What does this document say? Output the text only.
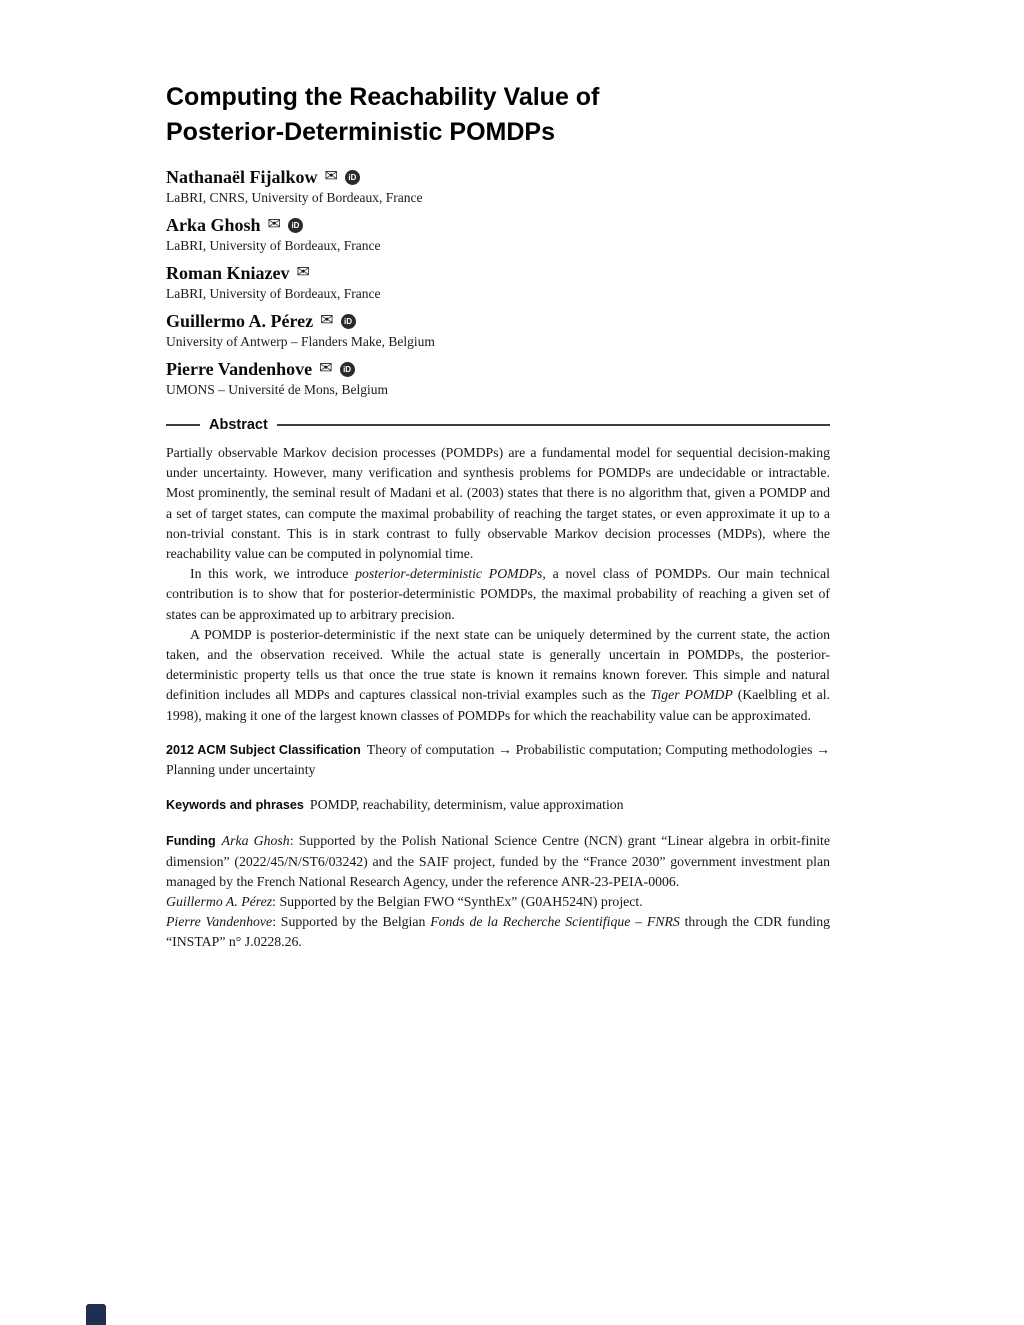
Computing the Reachability Value of
Posterior-Deterministic POMDPs
Nathanaël Fijalkow ✉	iD
LaBRI, CNRS, University of Bordeaux, France
Arka Ghosh ✉	iD
LaBRI, University of Bordeaux, France
Roman Kniazev ✉
LaBRI, University of Bordeaux, France
Guillermo A. Pérez ✉	iD
University of Antwerp – Flanders Make, Belgium
Pierre Vandenhove ✉	iD
UMONS – Université de Mons, Belgium
Abstract

Partially observable Markov decision processes (POMDPs) are a fundamental model for sequential decision-making under uncertainty. However, many verification and synthesis problems for POMDPs are undecidable or intractable. Most prominently, the seminal result of Madani et al. (2003) states that there is no algorithm that, given a POMDP and a set of target states, can compute the maximal probability of reaching the target states, or even approximate it up to a non-trivial constant. This is in stark contrast to fully observable Markov decision processes (MDPs), where the reachability value can be computed in polynomial time.

In this work, we introduce posterior-deterministic POMDPs, a novel class of POMDPs. Our main technical contribution is to show that for posterior-deterministic POMDPs, the maximal probability of reaching a given set of states can be approximated up to arbitrary precision.

A POMDP is posterior-deterministic if the next state can be uniquely determined by the current state, the action taken, and the observation received. While the actual state is generally uncertain in POMDPs, the posterior-deterministic property tells us that once the true state is known it remains known forever. This simple and natural definition includes all MDPs and captures classical non-trivial examples such as the Tiger POMDP (Kaelbling et al. 1998), making it one of the largest known classes of POMDPs for which the reachability value can be approximated.

2012 ACM Subject Classification Theory of computation → Probabilistic computation; Computing methodologies → Planning under uncertainty

Keywords and phrases POMDP, reachability, determinism, value approximation

Funding Arka Ghosh: Supported by the Polish National Science Centre (NCN) grant “Linear algebra in orbit-finite dimension” (2022/45/N/ST6/03242) and the SAIF project, funded by the “France 2030” government investment plan managed by the French National Research Agency, under the reference ANR-23-PEIA-0006.

Guillermo A. Pérez: Supported by the Belgian FWO “SynthEx” (G0AH524N) project.

Pierre Vandenhove: Supported by the Belgian Fonds de la Recherche Scientifique – FNRS through the CDR funding “INSTAP” n° J.0228.26.
